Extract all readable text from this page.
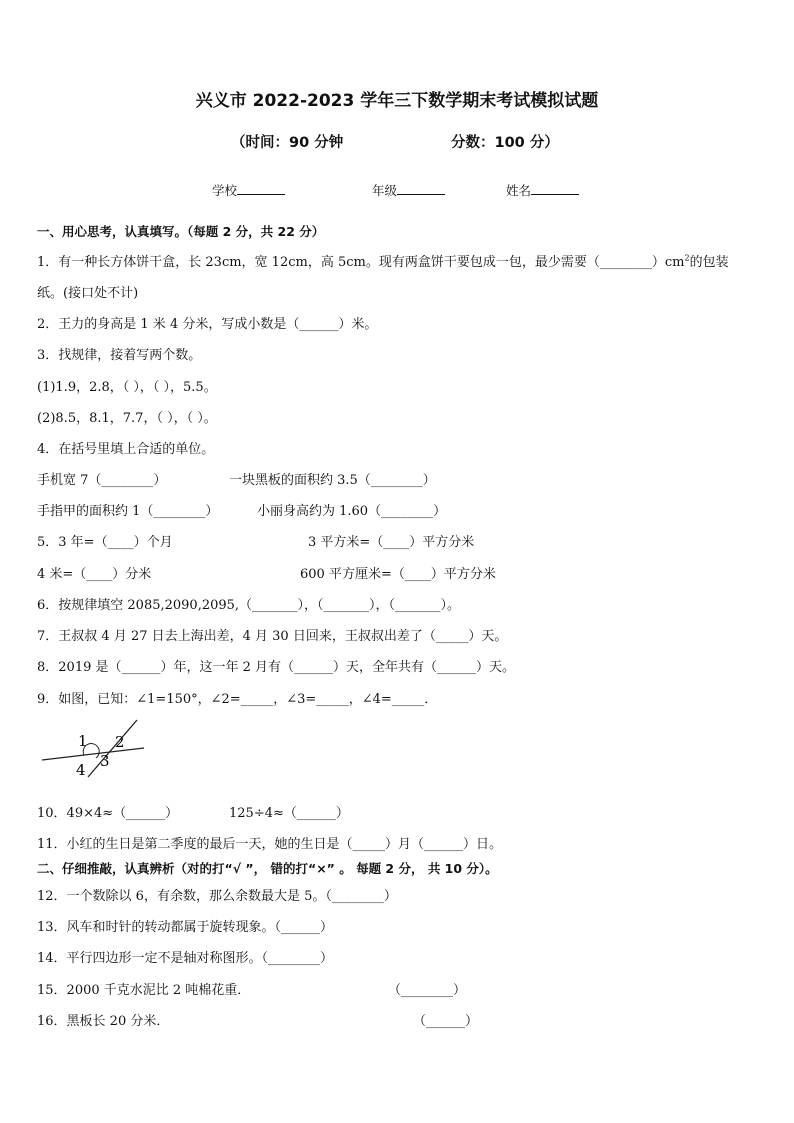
兴义市 2022-2023 学年三下数学期末考试模拟试题
（时间：90 分钟	分数：100 分）
学校	年级	姓名
一、用心思考，认真填写。（每题 2 分，共 22 分）
1．有一种长方体饼干盒，长 23cm，宽 12cm，高 5cm。现有两盒饼干要包成一包，最少需要$(\_\_\_\_\_\_\_\_)cm^2$的包装
纸。(接口处不计)
2．王力的身高是 1 米 4 分米，写成小数是（______）米。
3．找规律，接着写两个数。
(1)1.9，2.8，（ ），（ ），5.5。
(2)8.5，8.1，7.7，（ ），（ ）。
4．在括号里填上合适的单位。
手机宽 7（________）	一块黑板的面积约 3.5（________）
手指甲的面积约 1（________）	小丽身高约为 1.60（________）
5．3 年=（____）个月	3 平方米=（____）平方分米
4 米=（____）分米	600 平方厘米=（____）平方分米
6．按规律填空 2085,2090,2095,（_______），（_______），（_______）。
7．王叔叔 4 月 27 日去上海出差，4 月 30 日回来，王叔叔出差了（_____）天。
8．2019 是（______）年，这一年 2 月有（______）天，全年共有（______）天。
9．如图，已知：∠1=150°，∠2=_____，∠3=_____，∠4=_____．
1 2
3
4
10．49×4≈（______）	125÷4≈（______）
11．小红的生日是第二季度的最后一天，她的生日是（_____）月（______）日。
二、仔细推敲，认真辨析（对的打“√ ”， 错的打“×” 。 每题 2 分， 共 10 分）。
12．一个数除以 6，有余数，那么余数最大是 5。（________）
13．风车和时针的转动都属于旋转现象。（______）
14．平行四边形一定不是轴对称图形。（________）
15．2000 千克水泥比 2 吨棉花重．	（________）
16．黑板长 20 分米．	（______）
